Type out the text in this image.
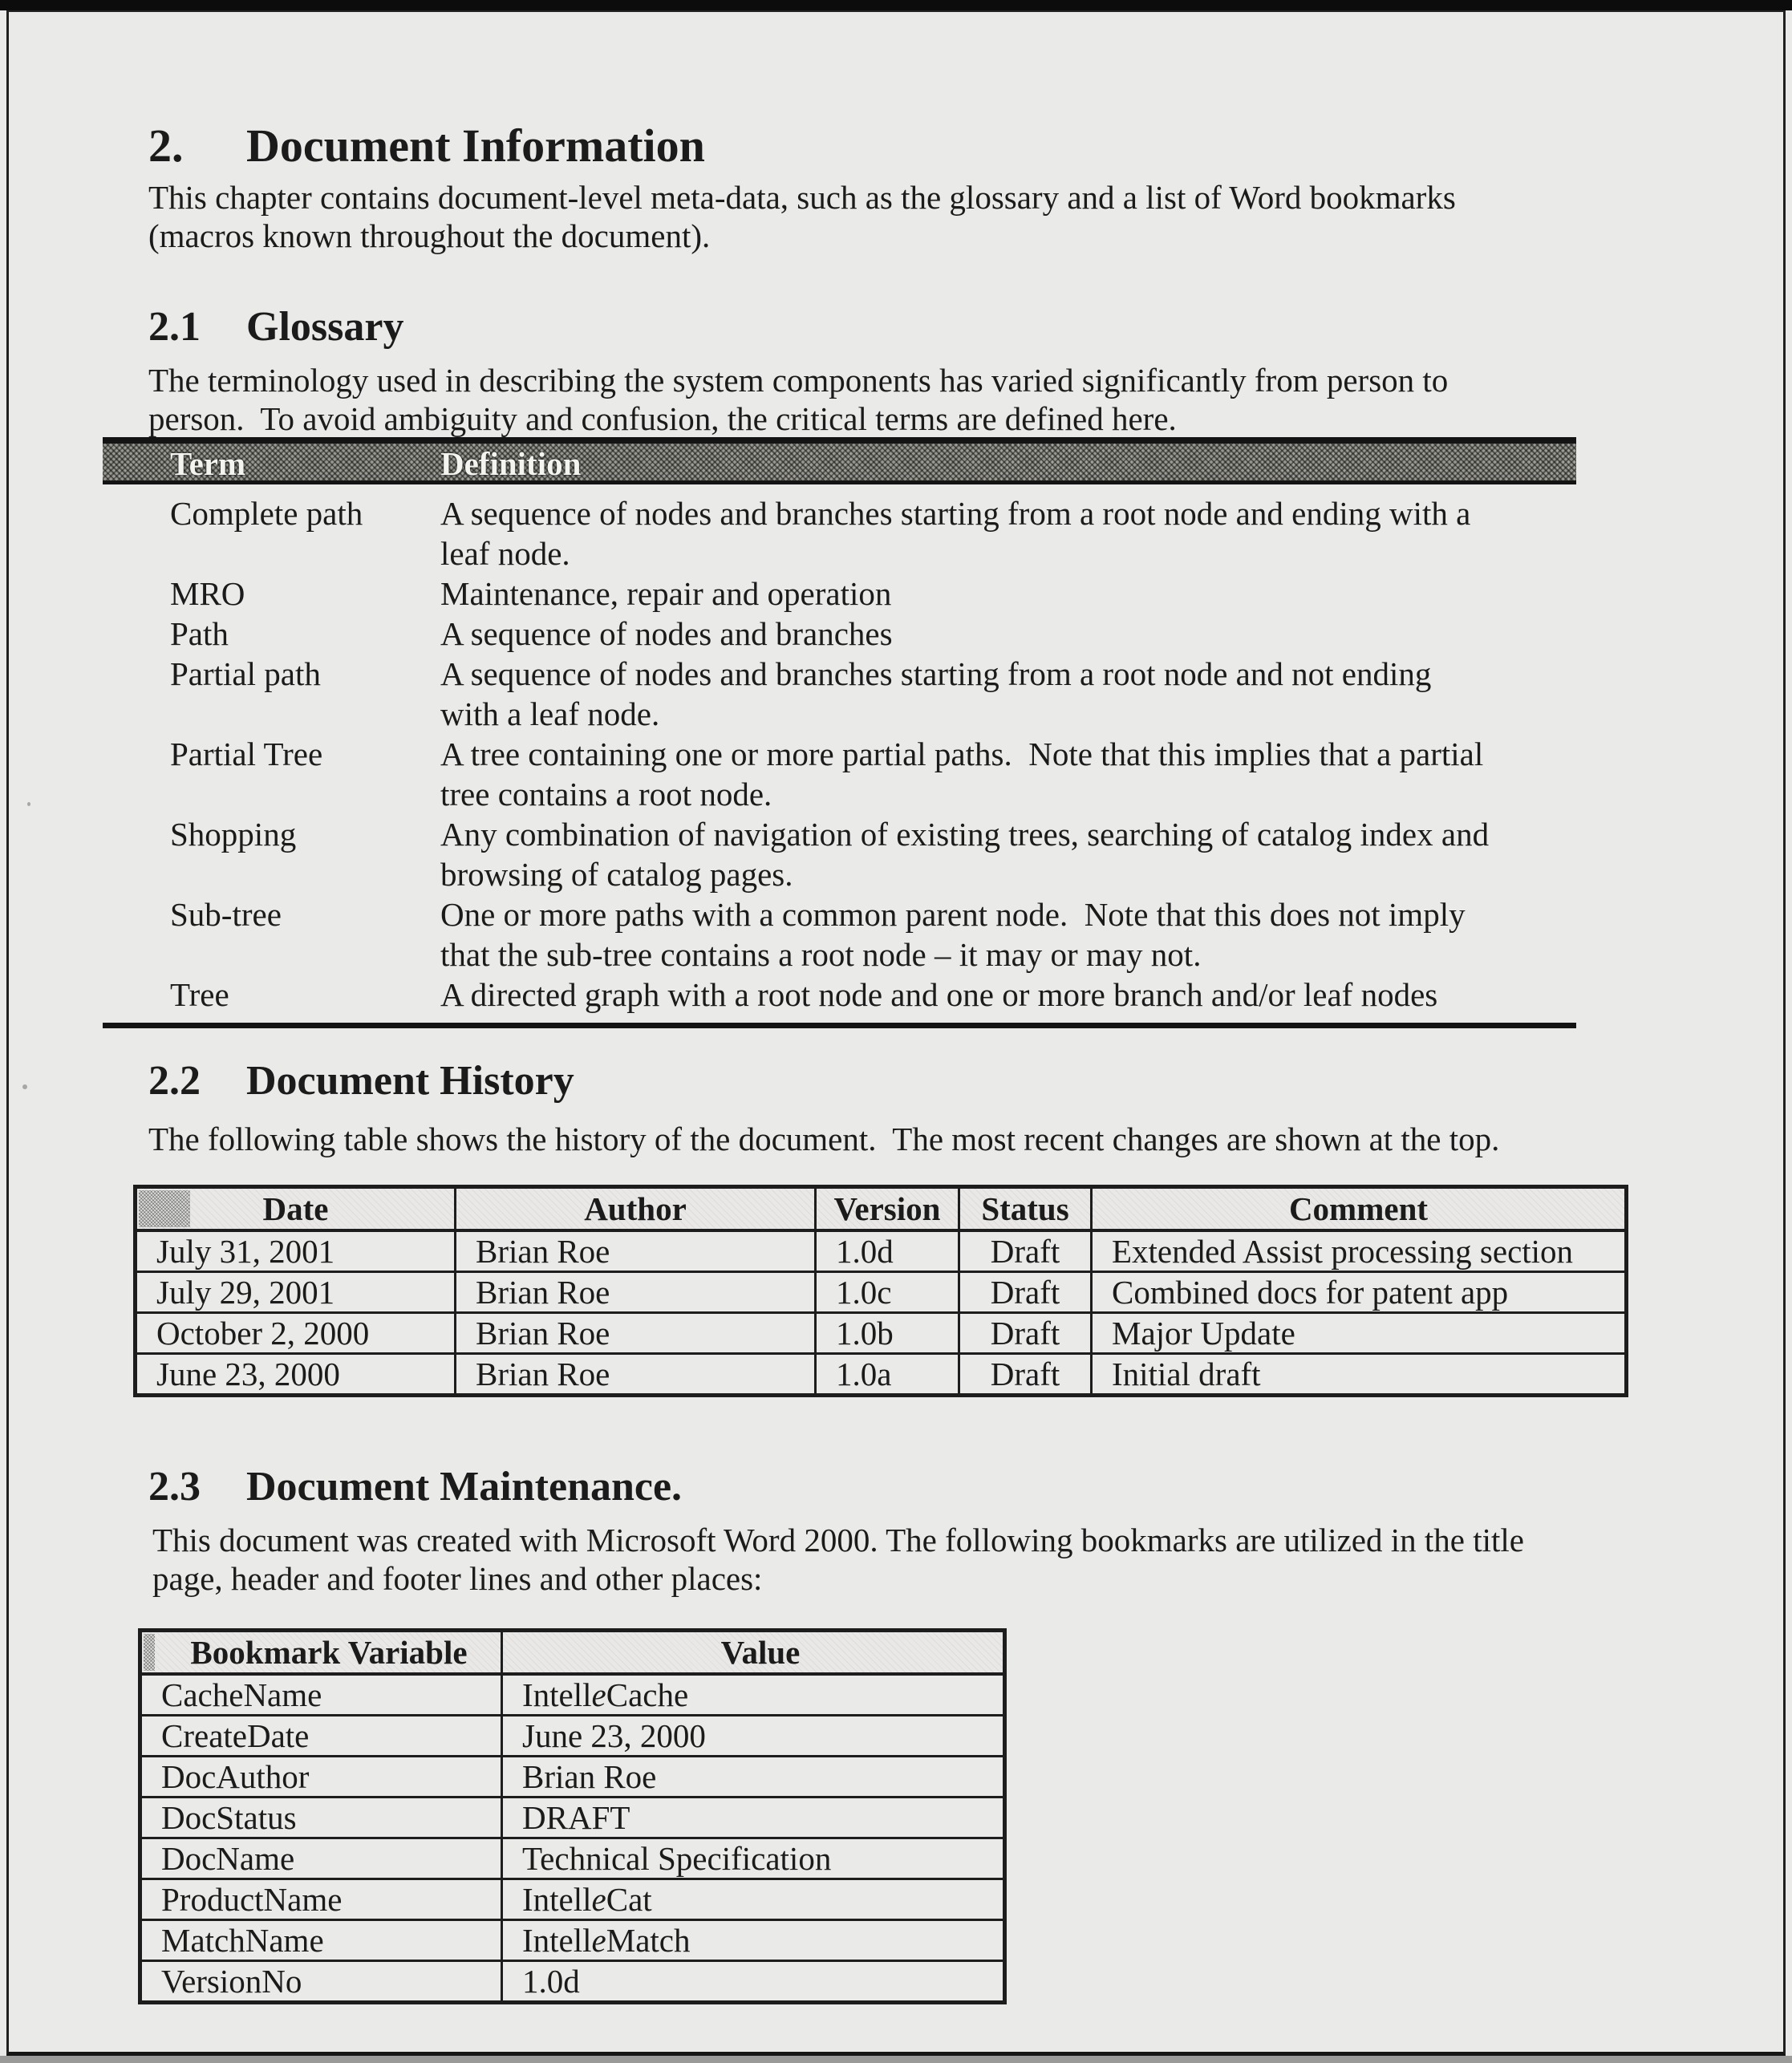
2. Document Information
This chapter contains document-level meta-data, such as the glossary and a list of Word bookmarks
(macros known throughout the document).
2.1 Glossary
The terminology used in describing the system components has varied significantly from person to
person.  To avoid ambiguity and confusion, the critical terms are defined here.
Term	Definition
Complete path	A sequence of nodes and branches starting from a root node and ending with a
leaf node.
MRO	Maintenance, repair and operation
Path	A sequence of nodes and branches
Partial path	A sequence of nodes and branches starting from a root node and not ending
with a leaf node.
Partial Tree	A tree containing one or more partial paths.  Note that this implies that a partial
tree contains a root node.
Shopping	Any combination of navigation of existing trees, searching of catalog index and
browsing of catalog pages.
Sub-tree	One or more paths with a common parent node.  Note that this does not imply
that the sub-tree contains a root node – it may or may not.
Tree	A directed graph with a root node and one or more branch and/or leaf nodes
2.2 Document History
The following table shows the history of the document.  The most recent changes are shown at the top.
Date	Author	Version	Status	Comment
July 31, 2001	Brian Roe	1.0d	Draft	Extended Assist processing section
July 29, 2001	Brian Roe	1.0c	Draft	Combined docs for patent app
October 2, 2000	Brian Roe	1.0b	Draft	Major Update
June 23, 2000	Brian Roe	1.0a	Draft	Initial draft
2.3 Document Maintenance.
This document was created with Microsoft Word 2000. The following bookmarks are utilized in the title
page, header and footer lines and other places:
Bookmark Variable	Value
CacheName	IntelleCache
CreateDate	June 23, 2000
DocAuthor	Brian Roe
DocStatus	DRAFT
DocName	Technical Specification
ProductName	IntelleCat
MatchName	IntelleMatch
VersionNo	1.0d
